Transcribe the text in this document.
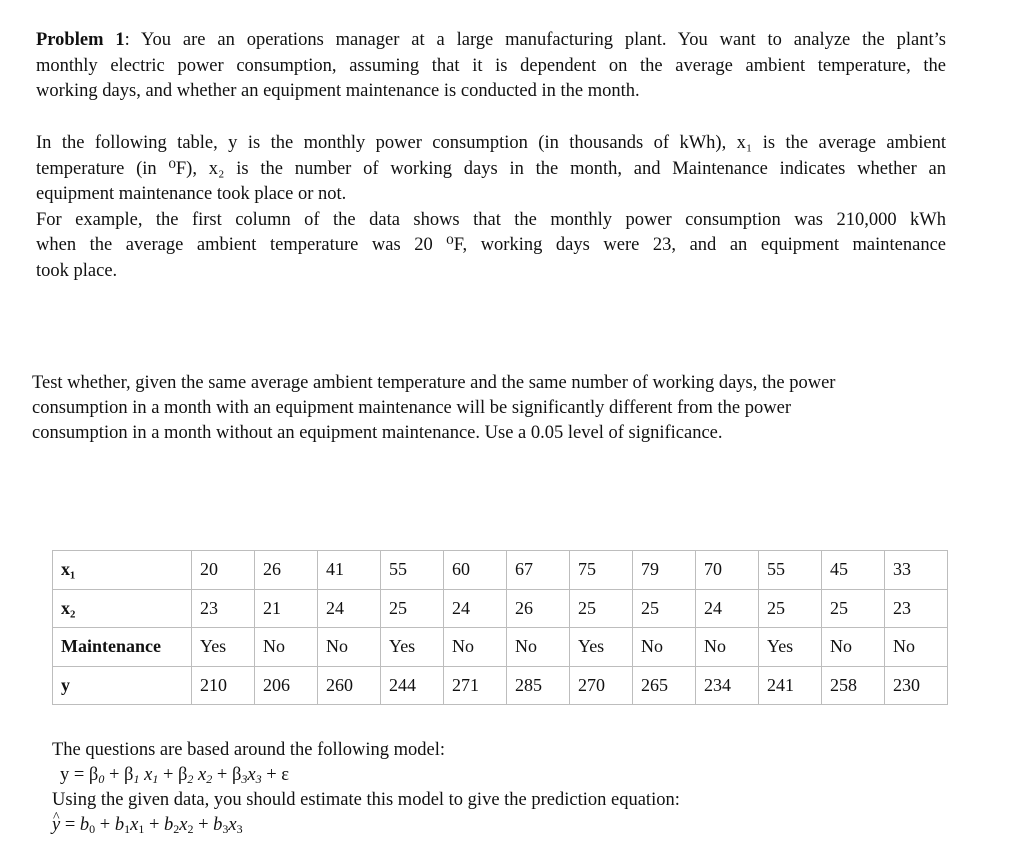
Problem 1: You are an operations manager at a large manufacturing plant. You want to analyze the plant’s
monthly electric power consumption, assuming that it is dependent on the average ambient temperature, the
working days, and whether an equipment maintenance is conducted in the month.

In the following table, y is the monthly power consumption (in thousands of kWh), x₁ is the average ambient
temperature (in ⁰F), x₂ is the number of working days in the month, and Maintenance indicates whether an
equipment maintenance took place or not.
For example, the first column of the data shows that the monthly power consumption was 210,000 kWh
when the average ambient temperature was 20 ⁰F, working days were 23, and an equipment maintenance
took place.

Test whether, given the same average ambient temperature and the same number of working days, the power
consumption in a month with an equipment maintenance will be significantly different from the power
consumption in a month without an equipment maintenance. Use a 0.05 level of significance.

x₁	20	26	41	55	60	67	75	79	70	55	45	33
x₂	23	21	24	25	24	26	25	25	24	25	25	23
Maintenance	Yes	No	No	Yes	No	No	Yes	No	No	Yes	No	No
y	210	206	260	244	271	285	270	265	234	241	258	230
The questions are based around the following model:
$y = \beta_0 + \beta_1$ $x_1 + \beta_2$ $x_2 + \beta_3x_3 + \varepsilon$
Using the given data, you should estimate this model to give the prediction equation:
^ $y = b_0 + b_1x_1 + b_2x_2 + b_3x_3$
